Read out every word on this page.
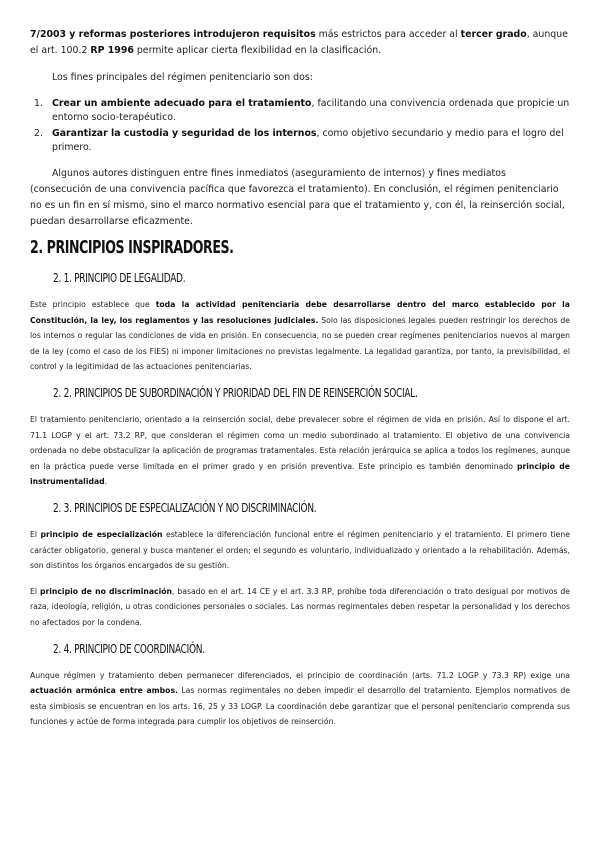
7/2003 y reformas posteriores introdujeron requisitos más estrictos para acceder al tercer grado, aunque el art. 100.2 RP 1996 permite aplicar cierta flexibilidad en la clasificación.

Los fines principales del régimen penitenciario son dos:

1. Crear un ambiente adecuado para el tratamiento, facilitando una convivencia ordenada que propicie un entorno socio-terapéutico.
2. Garantizar la custodia y seguridad de los internos, como objetivo secundario y medio para el logro del primero.

Algunos autores distinguen entre fines inmediatos (aseguramiento de internos) y fines mediatos (consecución de una convivencia pacífica que favorezca el tratamiento). En conclusión, el régimen penitenciario no es un fin en sí mismo, sino el marco normativo esencial para que el tratamiento y, con él, la reinserción social, puedan desarrollarse eficazmente.

2. PRINCIPIOS INSPIRADORES.
2. 1. PRINCIPIO DE LEGALIDAD.

Este principio establece que toda la actividad penitenciaria debe desarrollarse dentro del marco establecido por la Constitución, la ley, los reglamentos y las resoluciones judiciales. Solo las disposiciones legales pueden restringir los derechos de los internos o regular las condiciones de vida en prisión. En consecuencia, no se pueden crear regímenes penitenciarios nuevos al margen de la ley (como el caso de los FIES) ni imponer limitaciones no previstas legalmente. La legalidad garantiza, por tanto, la previsibilidad, el control y la legitimidad de las actuaciones penitenciarias.

2. 2. PRINCIPIOS DE SUBORDINACIÓN Y PRIORIDAD DEL FIN DE REINSERCIÓN SOCIAL.

El tratamiento penitenciario, orientado a la reinserción social, debe prevalecer sobre el régimen de vida en prisión. Así lo dispone el art. 71.1 LOGP y el art. 73.2 RP, que consideran el régimen como un medio subordinado al tratamiento. El objetivo de una convivencia ordenada no debe obstaculizar la aplicación de programas tratamentales. Esta relación jerárquica se aplica a todos los regímenes, aunque en la práctica puede verse limitada en el primer grado y en prisión preventiva. Este principio es también denominado principio de instrumentalidad.

2. 3. PRINCIPIOS DE ESPECIALIZACIÓN Y NO DISCRIMINACIÓN.

El principio de especialización establece la diferenciación funcional entre el régimen penitenciario y el tratamiento. El primero tiene carácter obligatorio, general y busca mantener el orden; el segundo es voluntario, individualizado y orientado a la rehabilitación. Además, son distintos los órganos encargados de su gestión.

El principio de no discriminación, basado en el art. 14 CE y el art. 3.3 RP, prohíbe toda diferenciación o trato desigual por motivos de raza, ideología, religión, u otras condiciones personales o sociales. Las normas regimentales deben respetar la personalidad y los derechos no afectados por la condena.

2. 4. PRINCIPIO DE COORDINACIÓN.

Aunque régimen y tratamiento deben permanecer diferenciados, el principio de coordinación (arts. 71.2 LOGP y 73.3 RP) exige una actuación armónica entre ambos. Las normas regimentales no deben impedir el desarrollo del tratamiento. Ejemplos normativos de esta simbiosis se encuentran en los arts. 16, 25 y 33 LOGP. La coordinación debe garantizar que el personal penitenciario comprenda sus funciones y actúe de forma integrada para cumplir los objetivos de reinserción.
